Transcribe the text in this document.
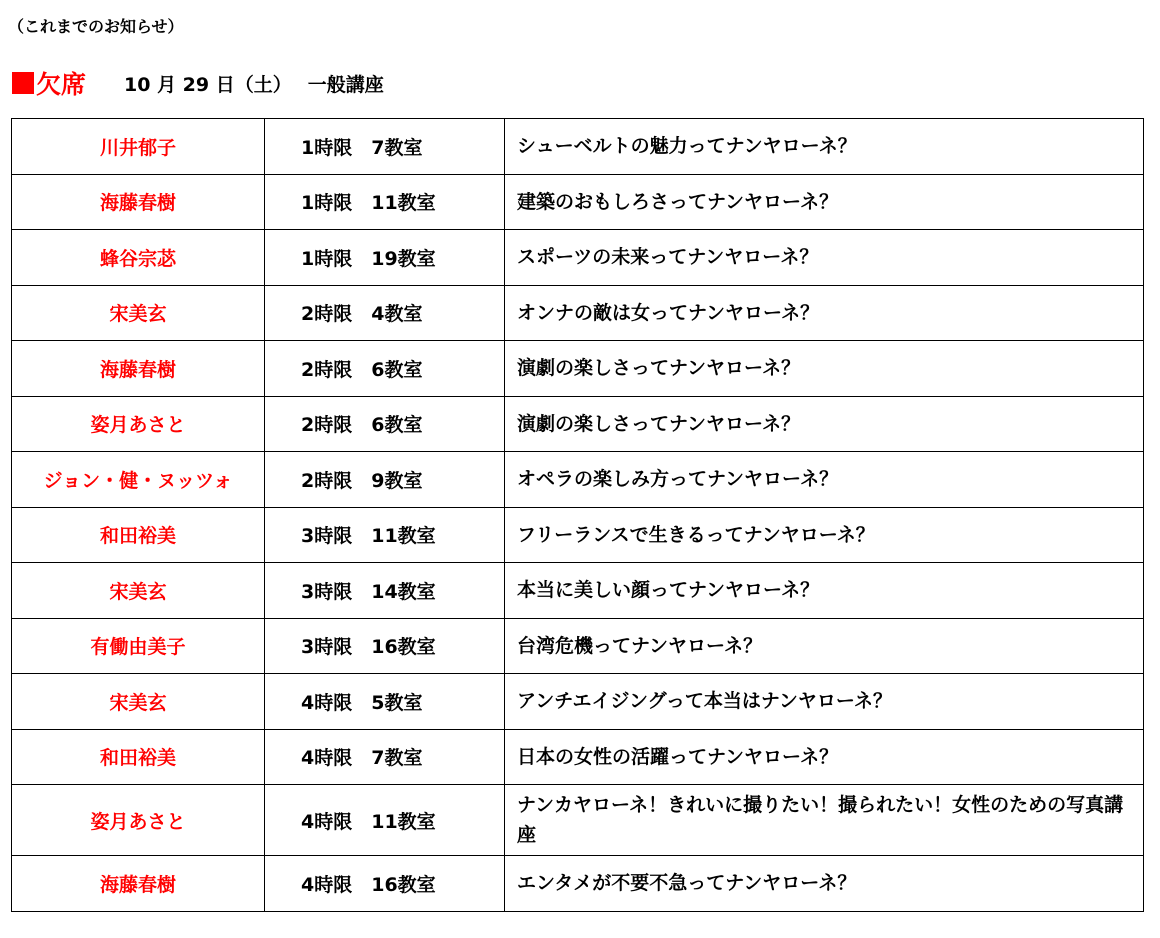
（これまでのお知らせ）
欠席 10 月 29 日（土） 一般講座
川井郁子	1時限　7教室	シューベルトの魅力ってナンヤローネ？
海藤春樹	1時限　11教室	建築のおもしろさってナンヤローネ？
蜂谷宗苾	1時限　19教室	スポーツの未来ってナンヤローネ？
宋美玄	2時限　4教室	オンナの敵は女ってナンヤローネ？
海藤春樹	2時限　6教室	演劇の楽しさってナンヤローネ？
姿月あさと	2時限　6教室	演劇の楽しさってナンヤローネ？
ジョン・健・ヌッツォ	2時限　9教室	オペラの楽しみ方ってナンヤローネ？
和田裕美	3時限　11教室	フリーランスで生きるってナンヤローネ？
宋美玄	3時限　14教室	本当に美しい顔ってナンヤローネ？
有働由美子	3時限　16教室	台湾危機ってナンヤローネ？
宋美玄	4時限　5教室	アンチエイジングって本当はナンヤローネ？
和田裕美	4時限　7教室	日本の女性の活躍ってナンヤローネ？
姿月あさと	4時限　11教室	ナンカヤローネ！きれいに撮りたい！撮られたい！女性のための写真講座
海藤春樹	4時限　16教室	エンタメが不要不急ってナンヤローネ？
